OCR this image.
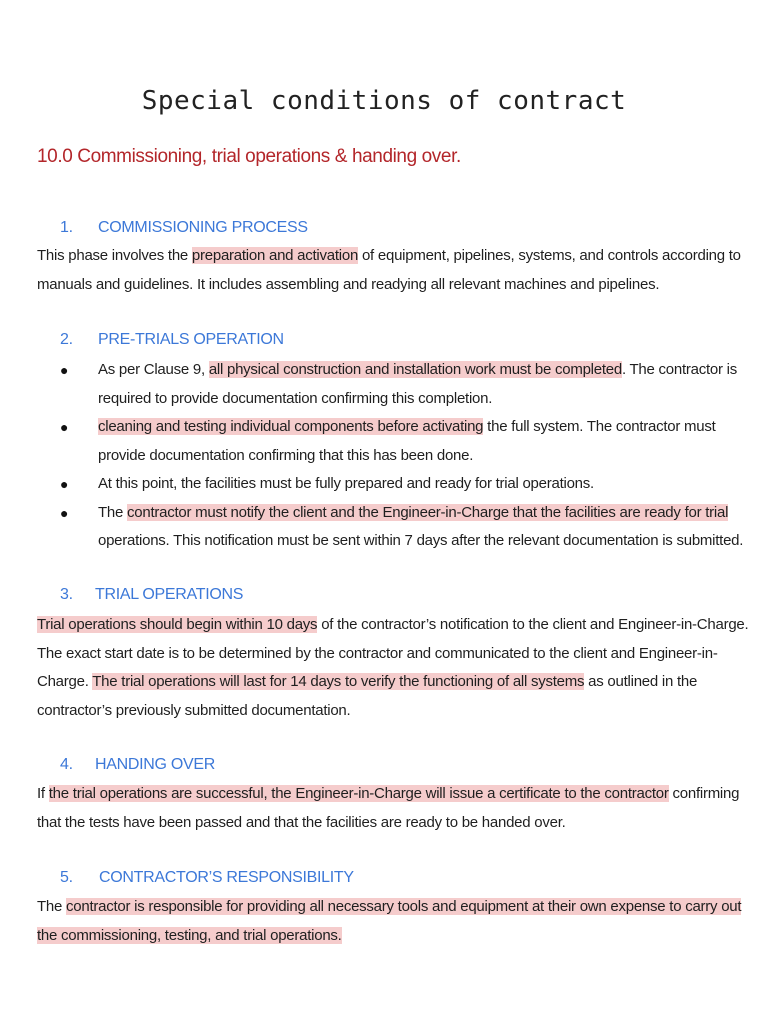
Special conditions of contract
10.0 Commissioning, trial operations & handing over.
1. COMMISSIONING PROCESS

This phase involves the preparation and activation of equipment, pipelines, systems, and controls according to manuals and guidelines. It includes assembling and readying all relevant machines and pipelines.

2. PRE-TRIALS OPERATION
● As per Clause 9, all physical construction and installation work must be completed. The contractor is required to provide documentation confirming this completion.
● cleaning and testing individual components before activating the full system. The contractor must provide documentation confirming that this has been done.
● At this point, the facilities must be fully prepared and ready for trial operations.
● The contractor must notify the client and the Engineer-in-Charge that the facilities are ready for trial operations. This notification must be sent within 7 days after the relevant documentation is submitted.
3. TRIAL OPERATIONS

Trial operations should begin within 10 days of the contractor’s notification to the client and Engineer-in-Charge. The exact start date is to be determined by the contractor and communicated to the client and Engineer-in-Charge. The trial operations will last for 14 days to verify the functioning of all systems as outlined in the contractor’s previously submitted documentation.

4. HANDING OVER

If the trial operations are successful, the Engineer-in-Charge will issue a certificate to the contractor confirming that the tests have been passed and that the facilities are ready to be handed over.

5. CONTRACTOR’S RESPONSIBILITY

The contractor is responsible for providing all necessary tools and equipment at their own expense to carry out the commissioning, testing, and trial operations.
